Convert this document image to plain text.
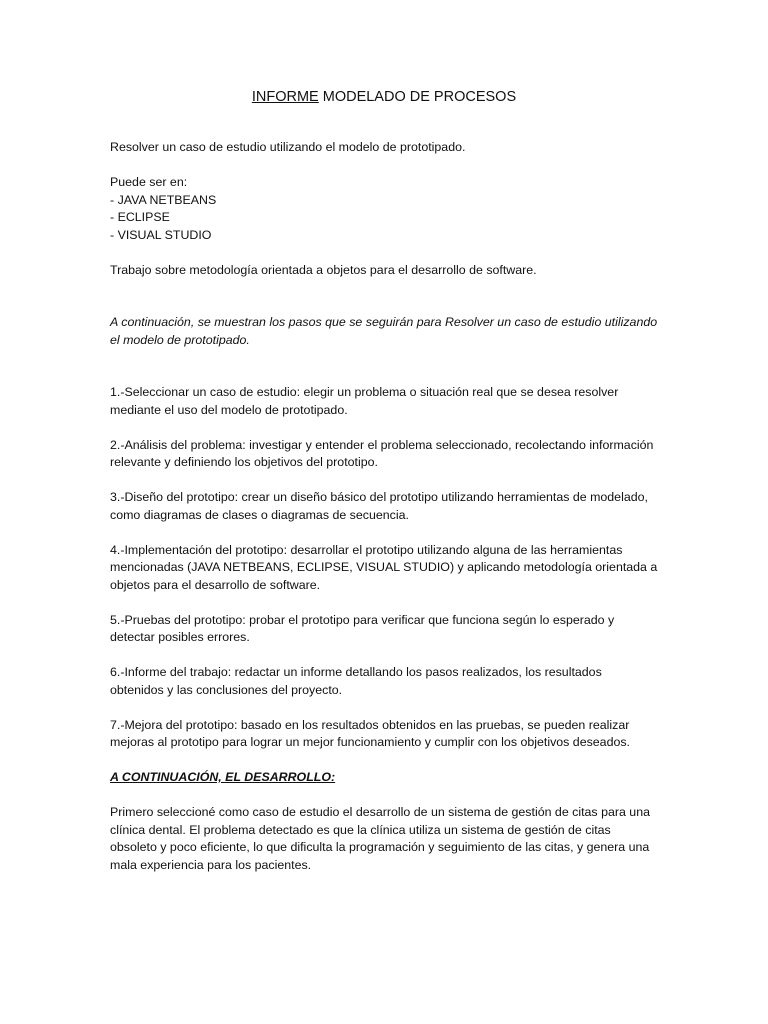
INFORME MODELADO DE PROCESOS

Resolver un caso de estudio utilizando el modelo de prototipado.

Puede ser en:

- JAVA NETBEANS
- ECLIPSE
- VISUAL STUDIO

Trabajo sobre metodología orientada a objetos para el desarrollo de software.

A continuación, se muestran los pasos que se seguirán para Resolver un caso de estudio utilizando el modelo de prototipado.

1.-Seleccionar un caso de estudio: elegir un problema o situación real que se desea resolver mediante el uso del modelo de prototipado.
2.-Análisis del problema: investigar y entender el problema seleccionado, recolectando información relevante y definiendo los objetivos del prototipo.
3.-Diseño del prototipo: crear un diseño básico del prototipo utilizando herramientas de modelado, como diagramas de clases o diagramas de secuencia.
4.-Implementación del prototipo: desarrollar el prototipo utilizando alguna de las herramientas mencionadas (JAVA NETBEANS, ECLIPSE, VISUAL STUDIO) y aplicando metodología orientada a objetos para el desarrollo de software.
5.-Pruebas del prototipo: probar el prototipo para verificar que funciona según lo esperado y detectar posibles errores.
6.-Informe del trabajo: redactar un informe detallando los pasos realizados, los resultados obtenidos y las conclusiones del proyecto.
7.-Mejora del prototipo: basado en los resultados obtenidos en las pruebas, se pueden realizar mejoras al prototipo para lograr un mejor funcionamiento y cumplir con los objetivos deseados.

A CONTINUACIÓN, EL DESARROLLO:

Primero seleccioné como caso de estudio el desarrollo de un sistema de gestión de citas para una clínica dental. El problema detectado es que la clínica utiliza un sistema de gestión de citas obsoleto y poco eficiente, lo que dificulta la programación y seguimiento de las citas, y genera una mala experiencia para los pacientes.
